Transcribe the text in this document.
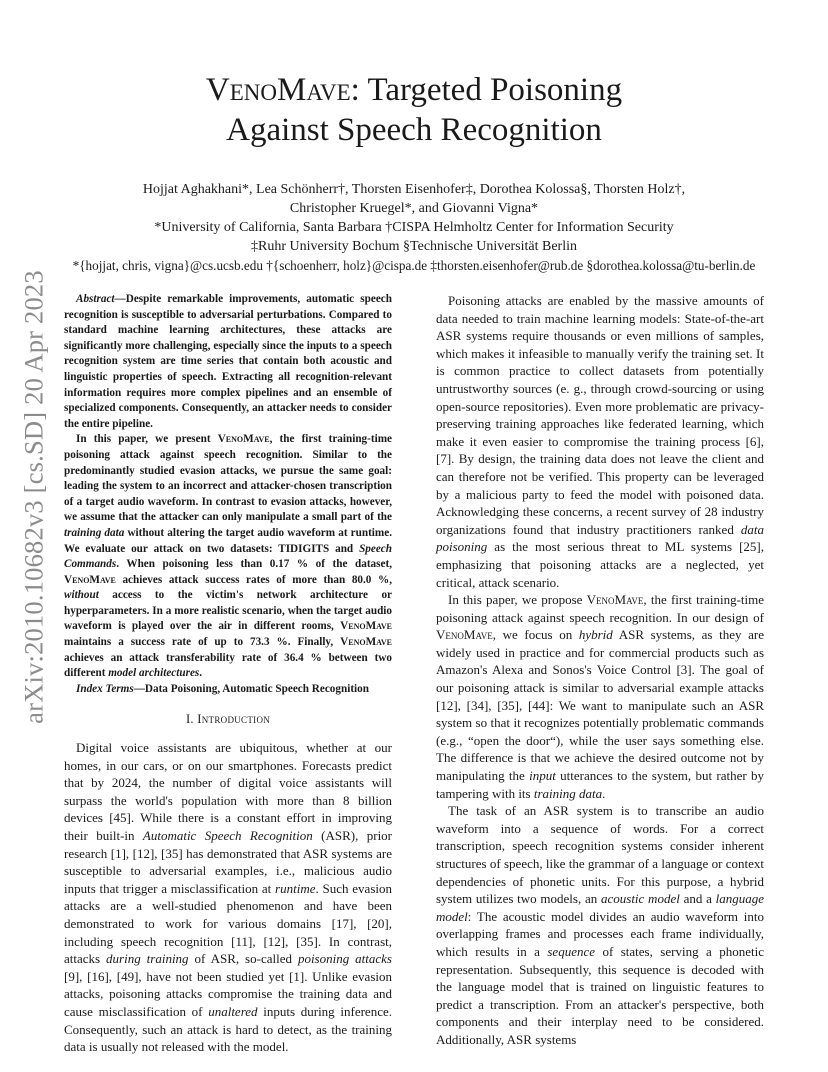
arXiv:2010.10682v3 [cs.SD] 20 Apr 2023
VenoMave: Targeted Poisoning
Against Speech Recognition
Hojjat Aghakhani*, Lea Schönherr†, Thorsten Eisenhofer‡, Dorothea Kolossa§, Thorsten Holz†,
Christopher Kruegel*, and Giovanni Vigna*
*University of California, Santa Barbara †CISPA Helmholtz Center for Information Security
‡Ruhr University Bochum §Technische Universität Berlin
*{hojjat, chris, vigna}@cs.ucsb.edu †{schoenherr, holz}@cispa.de ‡thorsten.eisenhofer@rub.de §dorothea.kolossa@tu-berlin.de

Abstract—Despite remarkable improvements, automatic speech recognition is susceptible to adversarial perturbations. Compared to standard machine learning architectures, these attacks are significantly more challenging, especially since the inputs to a speech recognition system are time series that contain both acoustic and linguistic properties of speech. Extracting all recognition-relevant information requires more complex pipelines and an ensemble of specialized components. Consequently, an attacker needs to consider the entire pipeline.

In this paper, we present VenoMave, the first training-time poisoning attack against speech recognition. Similar to the predominantly studied evasion attacks, we pursue the same goal: leading the system to an incorrect and attacker-chosen transcription of a target audio waveform. In contrast to evasion attacks, however, we assume that the attacker can only manipulate a small part of the training data without altering the target audio waveform at runtime. We evaluate our attack on two datasets: TIDIGITS and Speech Commands. When poisoning less than 0.17 % of the dataset, VenoMave achieves attack success rates of more than 80.0 %, without access to the victim's network architecture or hyperparameters. In a more realistic scenario, when the target audio waveform is played over the air in different rooms, VenoMave maintains a success rate of up to 73.3 %. Finally, VenoMave achieves an attack transferability rate of 36.4 % between two different model architectures.

Index Terms—Data Poisoning, Automatic Speech Recognition

I. Introduction

Digital voice assistants are ubiquitous, whether at our homes, in our cars, or on our smartphones. Forecasts predict that by 2024, the number of digital voice assistants will surpass the world's population with more than 8 billion devices [45]. While there is a constant effort in improving their built-in Automatic Speech Recognition (ASR), prior research [1], [12], [35] has demonstrated that ASR systems are susceptible to adversarial examples, i.e., malicious audio inputs that trigger a misclassification at runtime. Such evasion attacks are a well-studied phenomenon and have been demonstrated to work for various domains [17], [20], including speech recognition [11], [12], [35]. In contrast, attacks during training of ASR, so-called poisoning attacks [9], [16], [49], have not been studied yet [1]. Unlike evasion attacks, poisoning attacks compromise the training data and cause misclassification of unaltered inputs during inference. Consequently, such an attack is hard to detect, as the training data is usually not released with the model.

Poisoning attacks are enabled by the massive amounts of data needed to train machine learning models: State-of-the-art ASR systems require thousands or even millions of samples, which makes it infeasible to manually verify the training set. It is common practice to collect datasets from potentially untrustworthy sources (e. g., through crowd-sourcing or using open-source repositories). Even more problematic are privacy-preserving training approaches like federated learning, which make it even easier to compromise the training process [6], [7]. By design, the training data does not leave the client and can therefore not be verified. This property can be leveraged by a malicious party to feed the model with poisoned data. Acknowledging these concerns, a recent survey of 28 industry organizations found that industry practitioners ranked data poisoning as the most serious threat to ML systems [25], emphasizing that poisoning attacks are a neglected, yet critical, attack scenario.

In this paper, we propose VenoMave, the first training-time poisoning attack against speech recognition. In our design of VenoMave, we focus on hybrid ASR systems, as they are widely used in practice and for commercial products such as Amazon's Alexa and Sonos's Voice Control [3]. The goal of our poisoning attack is similar to adversarial example attacks [12], [34], [35], [44]: We want to manipulate such an ASR system so that it recognizes potentially problematic commands (e.g., “open the door“), while the user says something else. The difference is that we achieve the desired outcome not by manipulating the input utterances to the system, but rather by tampering with its training data.

The task of an ASR system is to transcribe an audio waveform into a sequence of words. For a correct transcription, speech recognition systems consider inherent structures of speech, like the grammar of a language or context dependencies of phonetic units. For this purpose, a hybrid system utilizes two models, an acoustic model and a language model: The acoustic model divides an audio waveform into overlapping frames and processes each frame individually, which results in a sequence of states, serving a phonetic representation. Subsequently, this sequence is decoded with the language model that is trained on linguistic features to predict a transcription. From an attacker's perspective, both components and their interplay need to be considered. Additionally, ASR systems
